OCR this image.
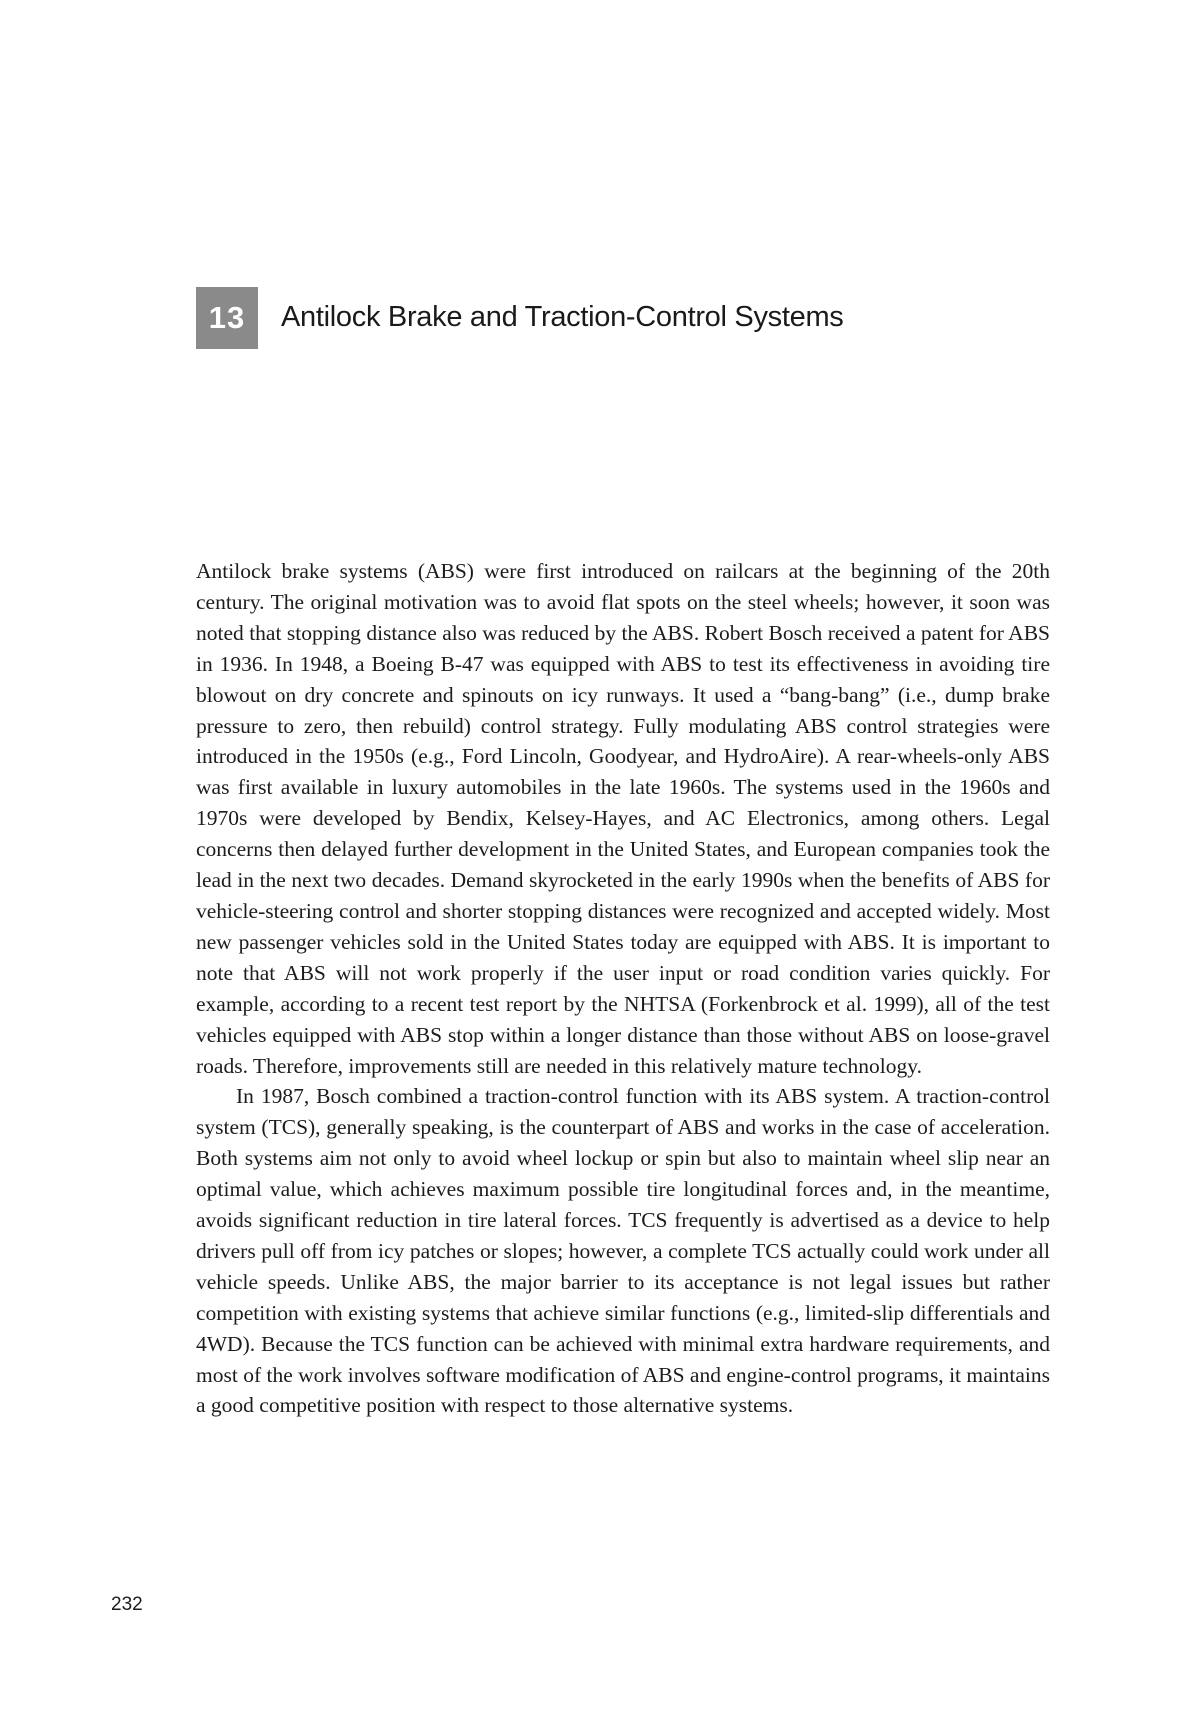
13	Antilock Brake and Traction-Control Systems

Antilock brake systems (ABS) were first introduced on railcars at the beginning of the 20th century. The original motivation was to avoid flat spots on the steel wheels; however, it soon was noted that stopping distance also was reduced by the ABS. Robert Bosch received a patent for ABS in 1936. In 1948, a Boeing B-47 was equipped with ABS to test its effectiveness in avoiding tire blowout on dry concrete and spinouts on icy runways. It used a “bang-bang” (i.e., dump brake pressure to zero, then rebuild) control strategy. Fully modulating ABS control strategies were introduced in the 1950s (e.g., Ford Lincoln, Goodyear, and HydroAire). A rear-wheels-only ABS was first available in luxury automobiles in the late 1960s. The systems used in the 1960s and 1970s were developed by Bendix, Kelsey-Hayes, and AC Electronics, among others. Legal concerns then delayed further development in the United States, and European companies took the lead in the next two decades. Demand skyrocketed in the early 1990s when the benefits of ABS for vehicle-steering control and shorter stopping distances were recognized and accepted widely. Most new passenger vehicles sold in the United States today are equipped with ABS. It is important to note that ABS will not work properly if the user input or road condition varies quickly. For example, according to a recent test report by the NHTSA (Forkenbrock et al. 1999), all of the test vehicles equipped with ABS stop within a longer distance than those without ABS on loose-gravel roads. Therefore, improvements still are needed in this relatively mature technology.

In 1987, Bosch combined a traction-control function with its ABS system. A traction-control system (TCS), generally speaking, is the counterpart of ABS and works in the case of acceleration. Both systems aim not only to avoid wheel lockup or spin but also to maintain wheel slip near an optimal value, which achieves maximum possible tire longitudinal forces and, in the meantime, avoids significant reduction in tire lateral forces. TCS frequently is advertised as a device to help drivers pull off from icy patches or slopes; however, a complete TCS actually could work under all vehicle speeds. Unlike ABS, the major barrier to its acceptance is not legal issues but rather competition with existing systems that achieve similar functions (e.g., limited-slip differentials and 4WD). Because the TCS function can be achieved with minimal extra hardware requirements, and most of the work involves software modification of ABS and engine-control programs, it maintains a good competitive position with respect to those alternative systems.

232
